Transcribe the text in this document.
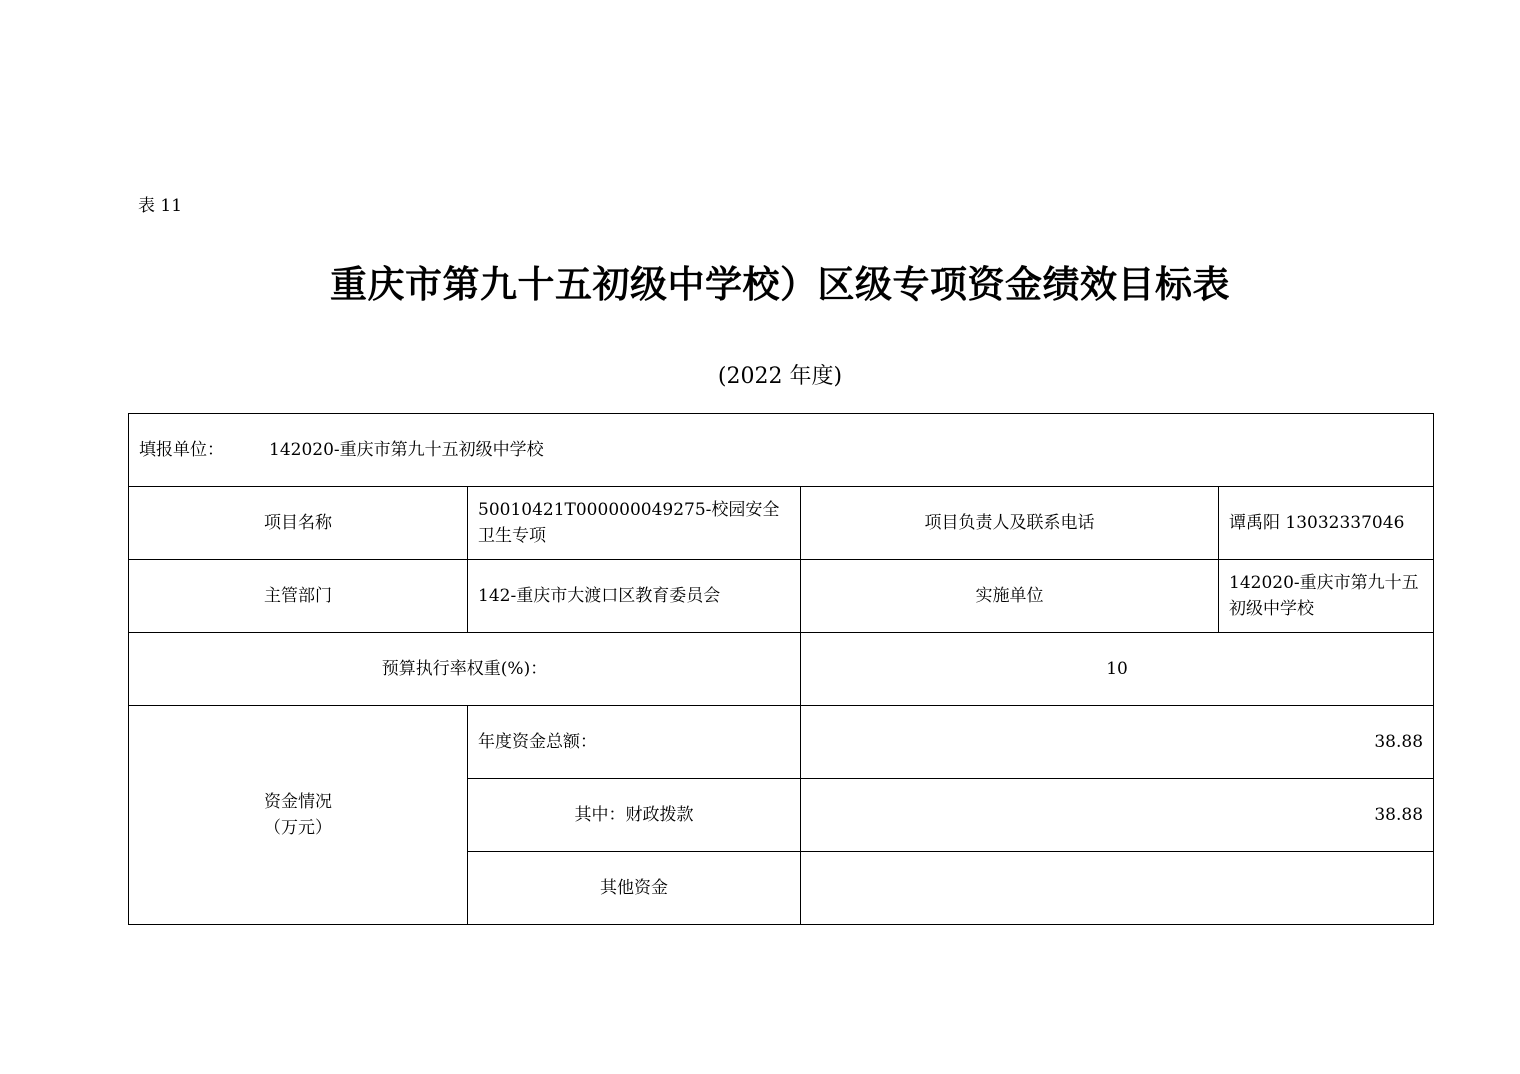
表 11
重庆市第九十五初级中学校）区级专项资金绩效目标表
(2022 年度)
填报单位： 142020-重庆市第九十五初级中学校			
项目名称	50010421T000000049275-校园安全卫生专项	项目负责人及联系电话	谭禹阳 13032337046
主管部门	142-重庆市大渡口区教育委员会	实施单位	142020-重庆市第九十五初级中学校
预算执行率权重(%)：		10	

资金情况
（万元）	年度资金总额：	38.88	
	其中：财政拨款	38.88	
	其他资金		
